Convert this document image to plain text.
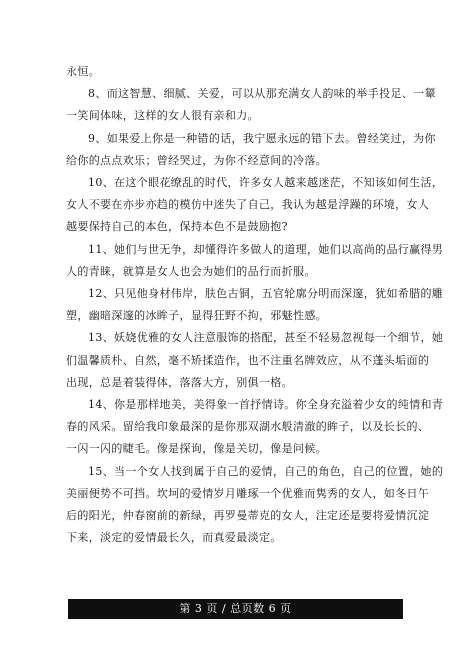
永恒。
8、而这智慧、细腻、关爱，可以从那充满女人韵味的举手投足、一颦
一笑间体味，这样的女人很有亲和力。
9、如果爱上你是一种错的话，我宁愿永远的错下去。曾经笑过，为你
给你的点点欢乐；曾经哭过，为你不经意间的冷落。
10、在这个眼花缭乱的时代，许多女人越来越迷茫，不知该如何生活，
女人不要在亦步亦趋的模仿中迷失了自己，我认为越是浮躁的环境，女人
越要保持自己的本色，保持本色不是鼓励抱?
11、她们与世无争，却懂得许多做人的道理，她们以高尚的品行赢得男
人的青睐，就算是女人也会为她们的品行而折服。
12、只见他身材伟岸，肤色古铜，五官轮廓分明而深邃，犹如希腊的雕
塑，幽暗深邃的冰眸子，显得狂野不拘，邪魅性感。
13、妖娆优雅的女人注意服饰的搭配，甚至不轻易忽视每一个细节，她
们温馨质朴、自然，毫不矫揉造作，也不注重名牌效应，从不蓬头垢面的
出现，总是着装得体，落落大方，别俱一格。
14、你是那样地美，美得象一首抒情诗。你全身充溢着少女的纯情和青
春的风采。留给我印象最深的是你那双湖水般清澈的眸子，以及长长的、
一闪一闪的睫毛。像是探询，像是关切，像是问候。
15、当一个女人找到属于自己的爱情，自己的角色，自己的位置，她的
美丽便势不可挡。坎坷的爱情岁月雕琢一个优雅而隽秀的女人，如冬日午
后的阳光，仲春窗前的新绿，再罗曼蒂克的女人，注定还是要将爱情沉淀
下来，淡定的爱情最长久，而真爱最淡定。
第 3 页 / 总页数 6 页
